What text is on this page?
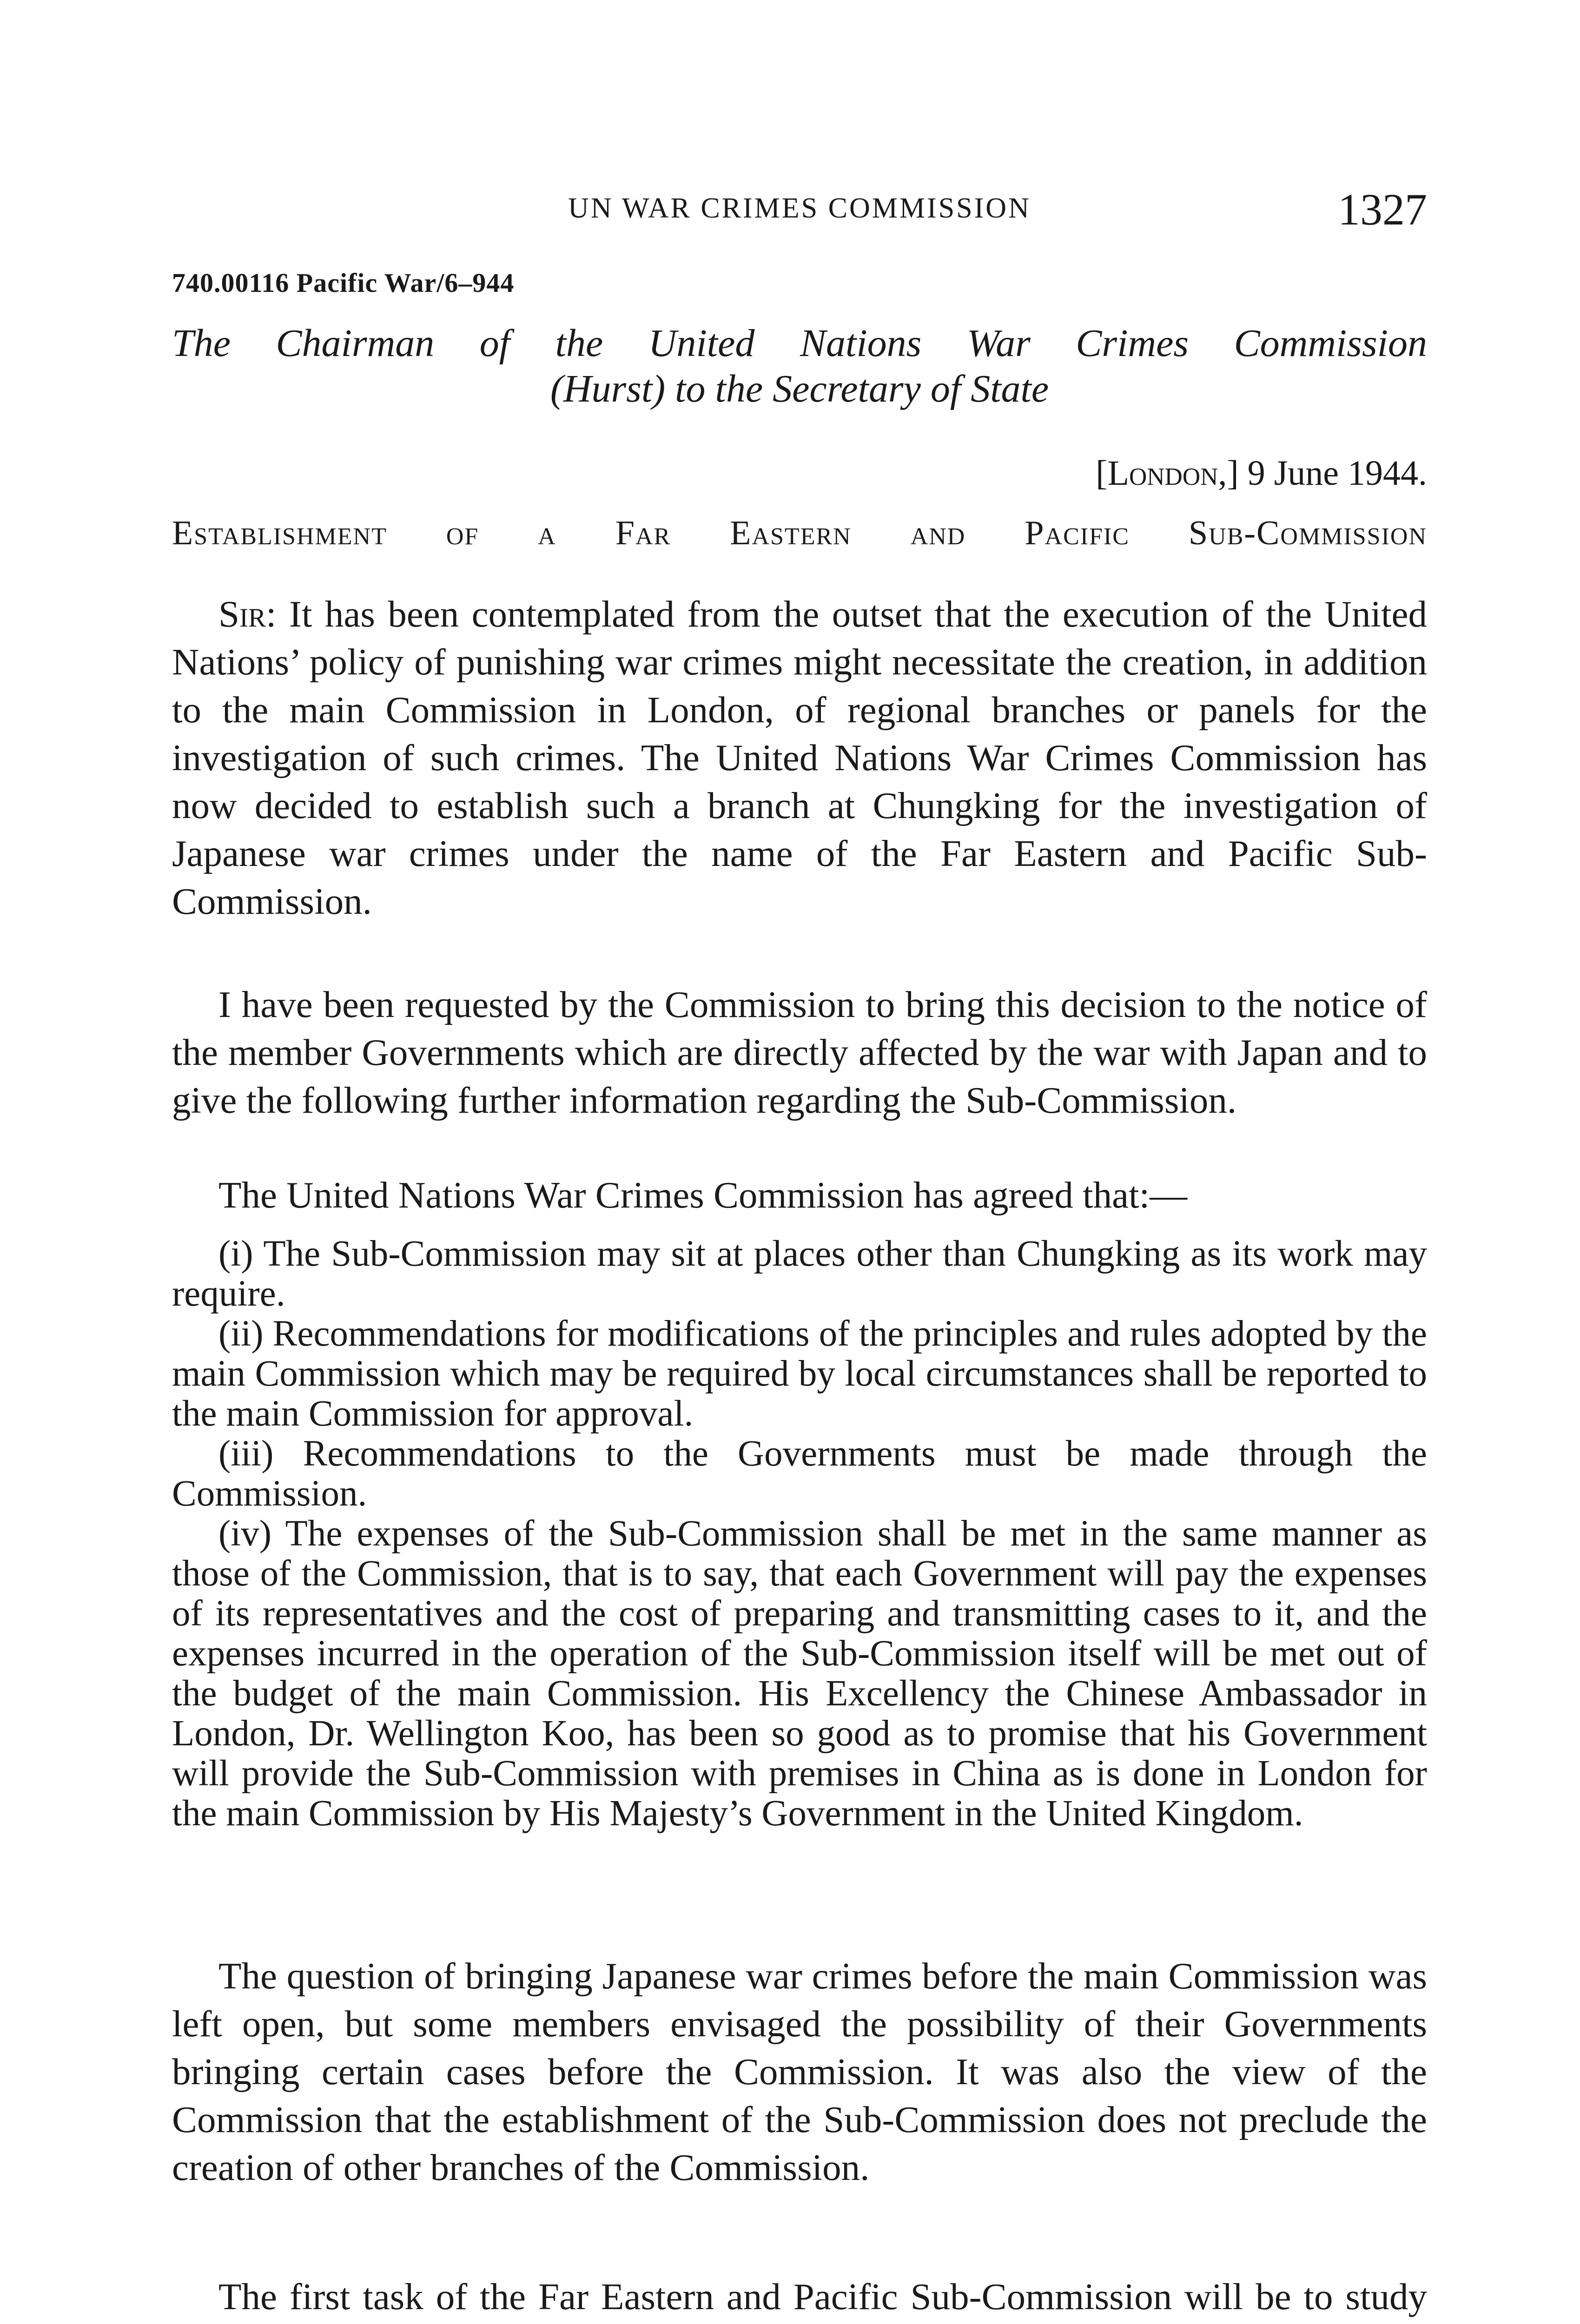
UN WAR CRIMES COMMISSION	1327
740.00116 Pacific War/6–944
The Chairman of the United Nations War Crimes Commission
(Hurst) to the Secretary of State
[London,] 9 June 1944.
Establishment of a Far Eastern and Pacific Sub-Commission

Sir: It has been contemplated from the outset that the execution of the United Nations’ policy of punishing war crimes might necessitate the creation, in addition to the main Commission in London, of regional branches or panels for the investigation of such crimes. The United Nations War Crimes Commission has now decided to establish such a branch at Chungking for the investigation of Japanese war crimes under the name of the Far Eastern and Pacific Sub-Commission.

I have been requested by the Commission to bring this decision to the notice of the member Governments which are directly affected by the war with Japan and to give the following further information regarding the Sub-Commission.

The United Nations War Crimes Commission has agreed that:—

(i) The Sub-Commission may sit at places other than Chungking as its work may require.

(ii) Recommendations for modifications of the principles and rules adopted by the main Commission which may be required by local circumstances shall be reported to the main Commission for approval.

(iii) Recommendations to the Governments must be made through the Commission.

(iv) The expenses of the Sub-Commission shall be met in the same manner as those of the Commission, that is to say, that each Government will pay the expenses of its representatives and the cost of preparing and transmitting cases to it, and the expenses incurred in the operation of the Sub-Commission itself will be met out of the budget of the main Commission. His Excellency the Chinese Ambassador in London, Dr. Wellington Koo, has been so good as to promise that his Government will provide the Sub-Commission with premises in China as is done in London for the main Commission by His Majesty’s Government in the United Kingdom.

The question of bringing Japanese war crimes before the main Commission was left open, but some members envisaged the possibility of their Governments bringing certain cases before the Commission. It was also the view of the Commission that the establishment of the Sub-Commission does not preclude the creation of other branches of the Commission.

The first task of the Far Eastern and Pacific Sub-Commission will be to study
